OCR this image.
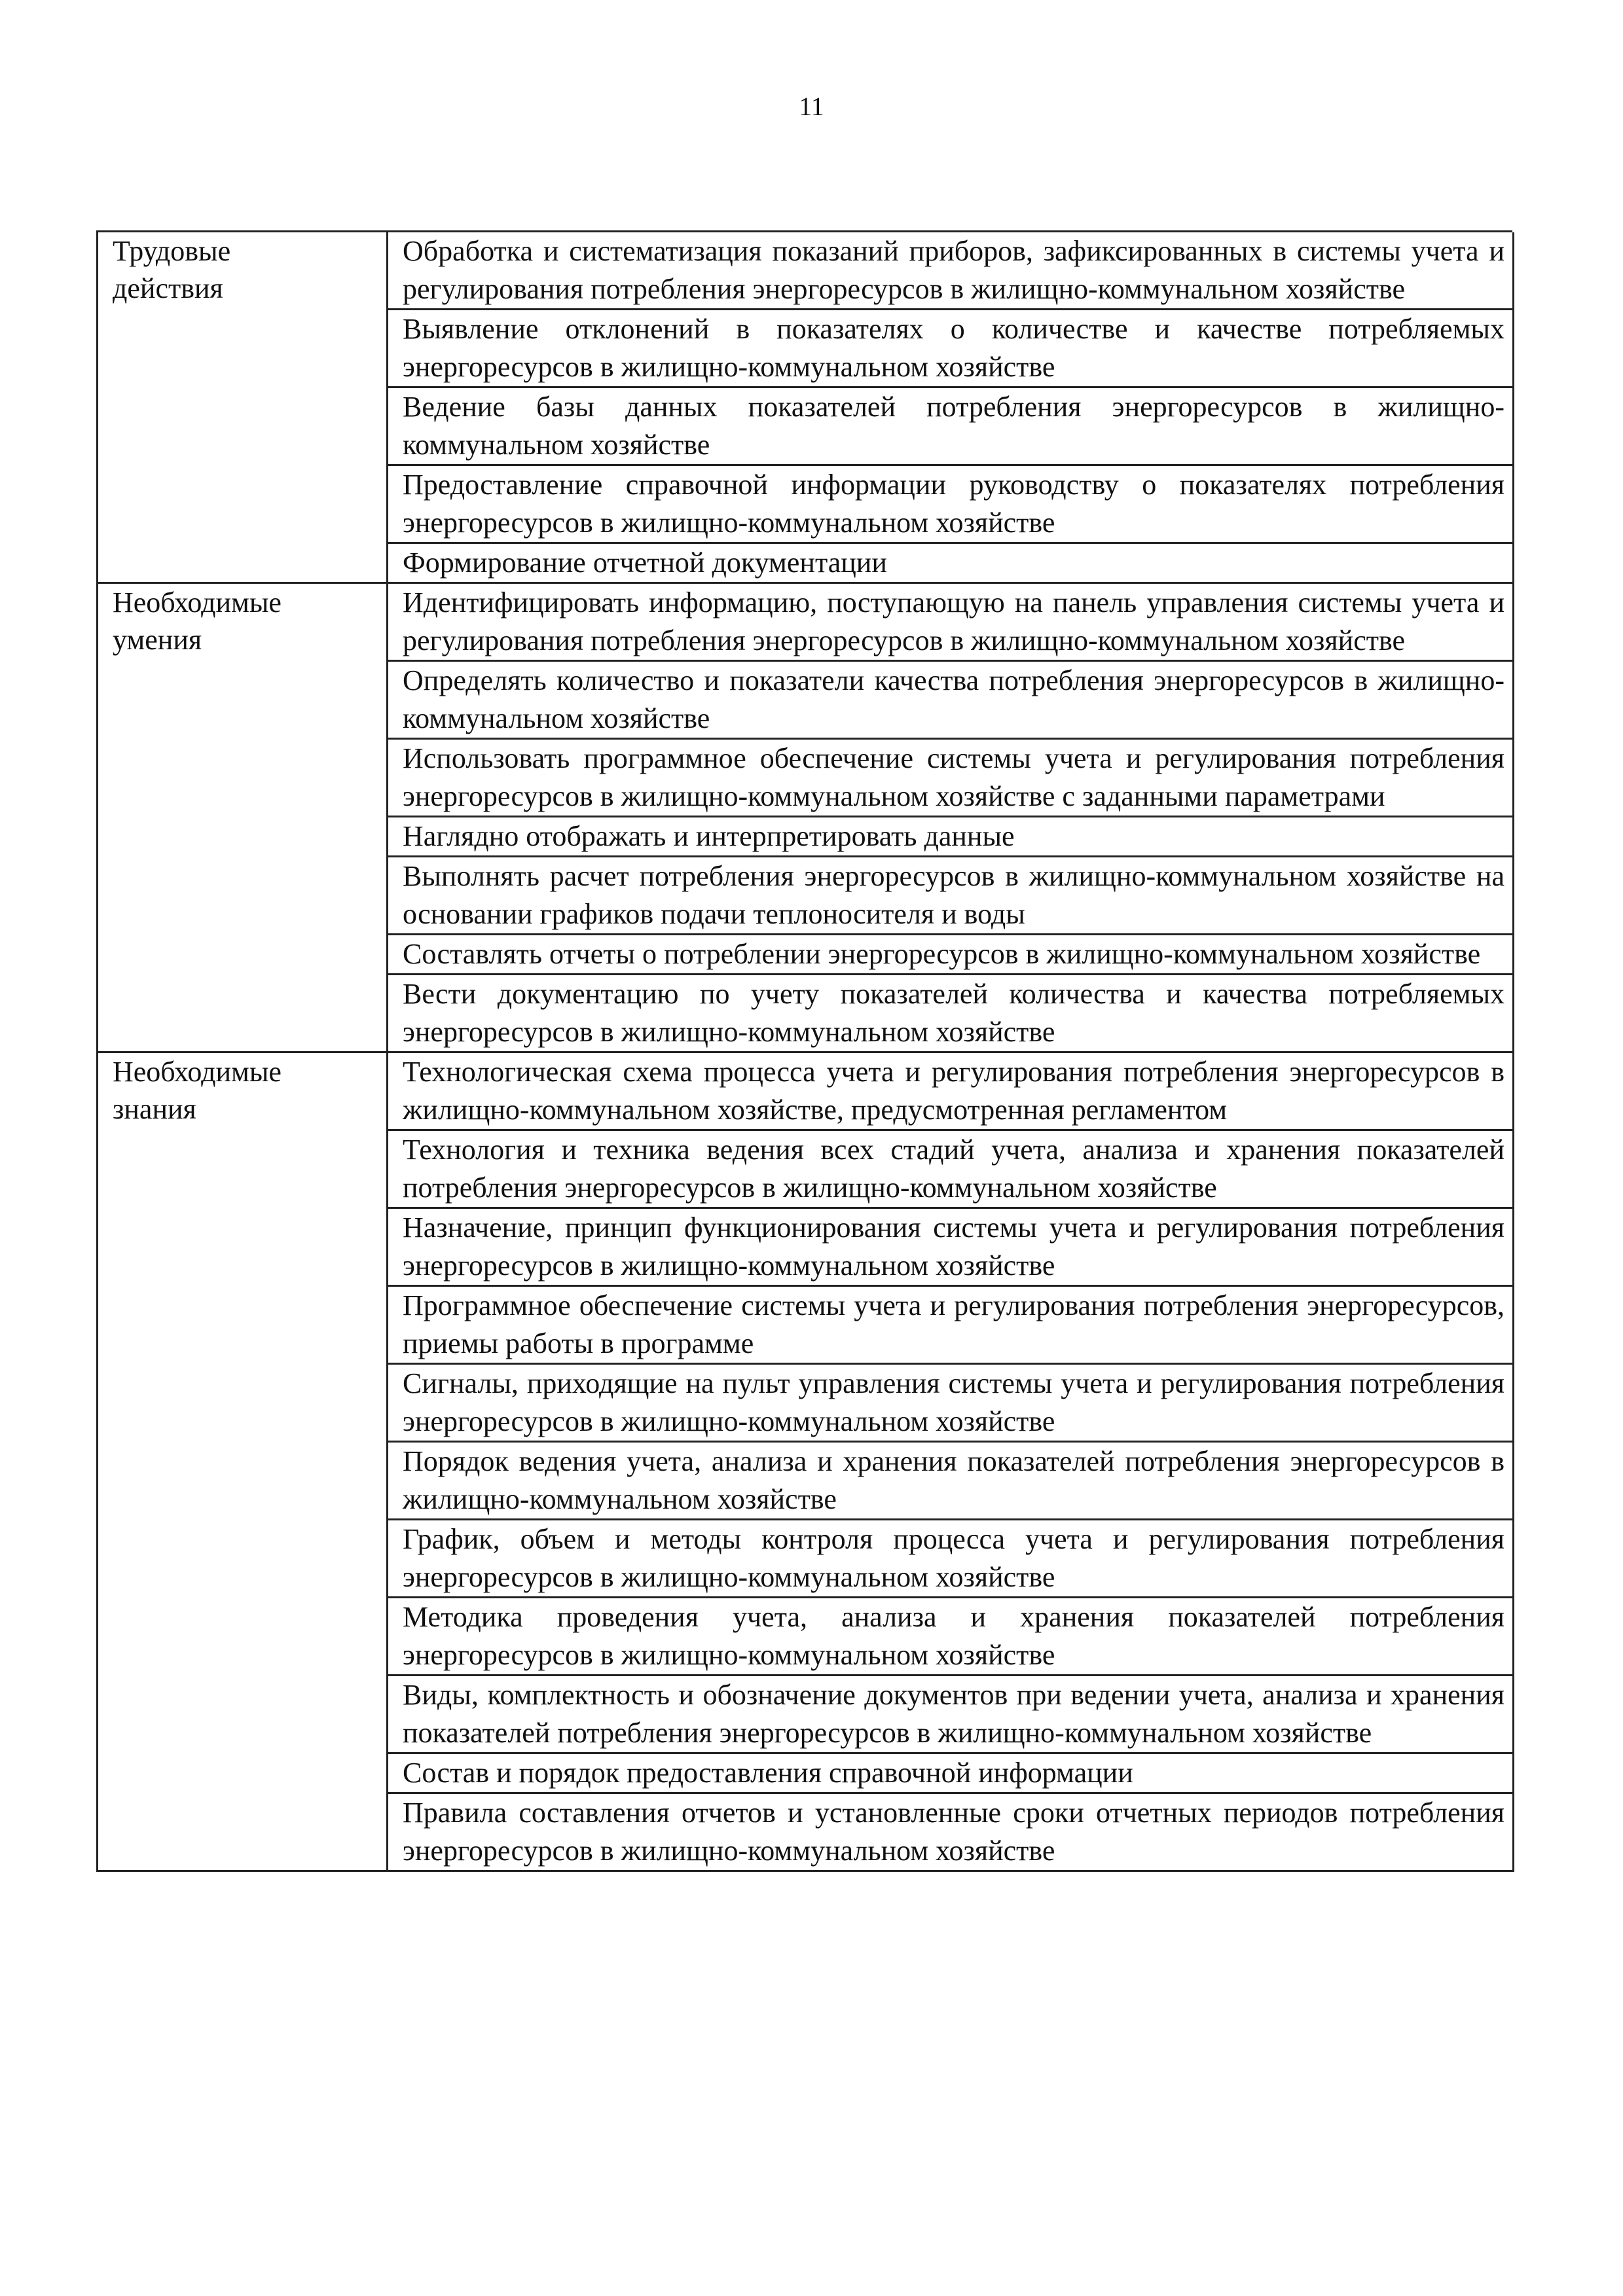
11
Трудовые
действия
Обработка и систематизация показаний приборов, зафиксированных в системы учета и регулирования потребления энергоресурсов в жилищно-коммунальном хозяйстве
Выявление отклонений в показателях о количестве и качестве потребляемых энергоресурсов в жилищно-коммунальном хозяйстве
Ведение базы данных показателей потребления энергоресурсов в жилищно-коммунальном хозяйстве
Предоставление справочной информации руководству о показателях потребления энергоресурсов в жилищно-коммунальном хозяйстве
Формирование отчетной документации
Необходимые
умения
Идентифицировать информацию, поступающую на панель управления системы учета и регулирования потребления энергоресурсов в жилищно-коммунальном хозяйстве
Определять количество и показатели качества потребления энергоресурсов в жилищно-коммунальном хозяйстве
Использовать программное обеспечение системы учета и регулирования потребления энергоресурсов в жилищно-коммунальном хозяйстве с заданными параметрами
Наглядно отображать и интерпретировать данные
Выполнять расчет потребления энергоресурсов в жилищно-коммунальном хозяйстве на основании графиков подачи теплоносителя и воды
Составлять отчеты о потреблении энергоресурсов в жилищно-коммунальном хозяйстве
Вести документацию по учету показателей количества и качества потребляемых энергоресурсов в жилищно-коммунальном хозяйстве
Необходимые
знания
Технологическая схема процесса учета и регулирования потребления энергоресурсов в жилищно-коммунальном хозяйстве, предусмотренная регламентом
Технология и техника ведения всех стадий учета, анализа и хранения показателей потребления энергоресурсов в жилищно-коммунальном хозяйстве
Назначение, принцип функционирования системы учета и регулирования потребления энергоресурсов в жилищно-коммунальном хозяйстве
Программное обеспечение системы учета и регулирования потребления энергоресурсов, приемы работы в программе
Сигналы, приходящие на пульт управления системы учета и регулирования потребления энергоресурсов в жилищно-коммунальном хозяйстве
Порядок ведения учета, анализа и хранения показателей потребления энергоресурсов в жилищно-коммунальном хозяйстве
График, объем и методы контроля процесса учета и регулирования потребления энергоресурсов в жилищно-коммунальном хозяйстве
Методика проведения учета, анализа и хранения показателей потребления энергоресурсов в жилищно-коммунальном хозяйстве
Виды, комплектность и обозначение документов при ведении учета, анализа и хранения показателей потребления энергоресурсов в жилищно-коммунальном хозяйстве
Состав и порядок предоставления справочной информации
Правила составления отчетов и установленные сроки отчетных периодов потребления энергоресурсов в жилищно-коммунальном хозяйстве
